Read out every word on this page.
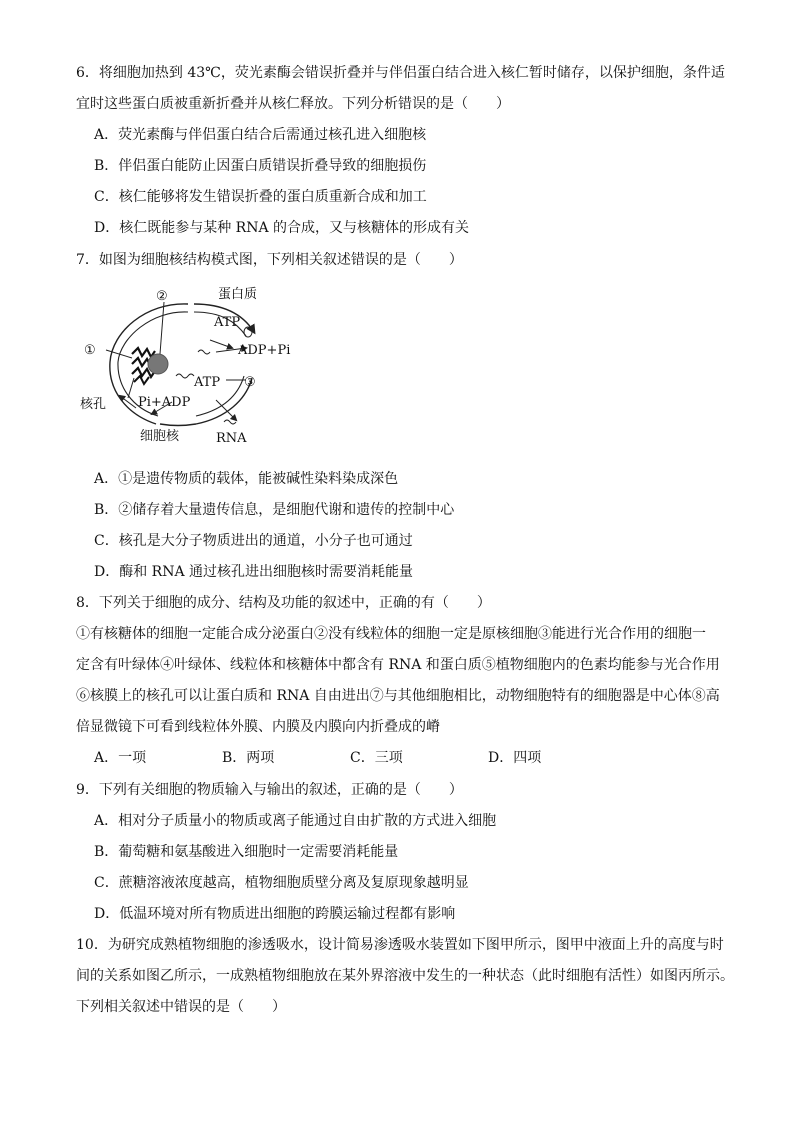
6．将细胞加热到 43℃，荧光素酶会错误折叠并与伴侣蛋白结合进入核仁暂时储存，以保护细胞，条件适
宜时这些蛋白质被重新折叠并从核仁释放。下列分析错误的是（　　）
A．荧光素酶与伴侣蛋白结合后需通过核孔进入细胞核
B．伴侣蛋白能防止因蛋白质错误折叠导致的细胞损伤
C．核仁能够将发生错误折叠的蛋白质重新合成和加工
D．核仁既能参与某种 RNA 的合成，又与核糖体的形成有关
7．如图为细胞核结构模式图，下列相关叙述错误的是（　　）
②	蛋白质
ATP
①	ADP+Pi
ATP ③
核孔 Pi+ADP
细胞核	RNA
A．①是遗传物质的载体，能被碱性染料染成深色
B．②储存着大量遗传信息，是细胞代谢和遗传的控制中心
C．核孔是大分子物质进出的通道，小分子也可通过
D．酶和 RNA 通过核孔进出细胞核时需要消耗能量
8．下列关于细胞的成分、结构及功能的叙述中，正确的有（　　）
①有核糖体的细胞一定能合成分泌蛋白②没有线粒体的细胞一定是原核细胞③能进行光合作用的细胞一
定含有叶绿体④叶绿体、线粒体和核糖体中都含有 RNA 和蛋白质⑤植物细胞内的色素均能参与光合作用
⑥核膜上的核孔可以让蛋白质和 RNA 自由进出⑦与其他细胞相比，动物细胞特有的细胞器是中心体⑧高
倍显微镜下可看到线粒体外膜、内膜及内膜向内折叠成的嵴
A．一项	B．两项	C．三项	D．四项
9．下列有关细胞的物质输入与输出的叙述，正确的是（　　）
A．相对分子质量小的物质或离子能通过自由扩散的方式进入细胞
B．葡萄糖和氨基酸进入细胞时一定需要消耗能量
C．蔗糖溶液浓度越高，植物细胞质壁分离及复原现象越明显
D．低温环境对所有物质进出细胞的跨膜运输过程都有影响
10．为研究成熟植物细胞的渗透吸水，设计简易渗透吸水装置如下图甲所示，图甲中液面上升的高度与时
间的关系如图乙所示，一成熟植物细胞放在某外界溶液中发生的一种状态（此时细胞有活性）如图丙所示。
下列相关叙述中错误的是（　　）
